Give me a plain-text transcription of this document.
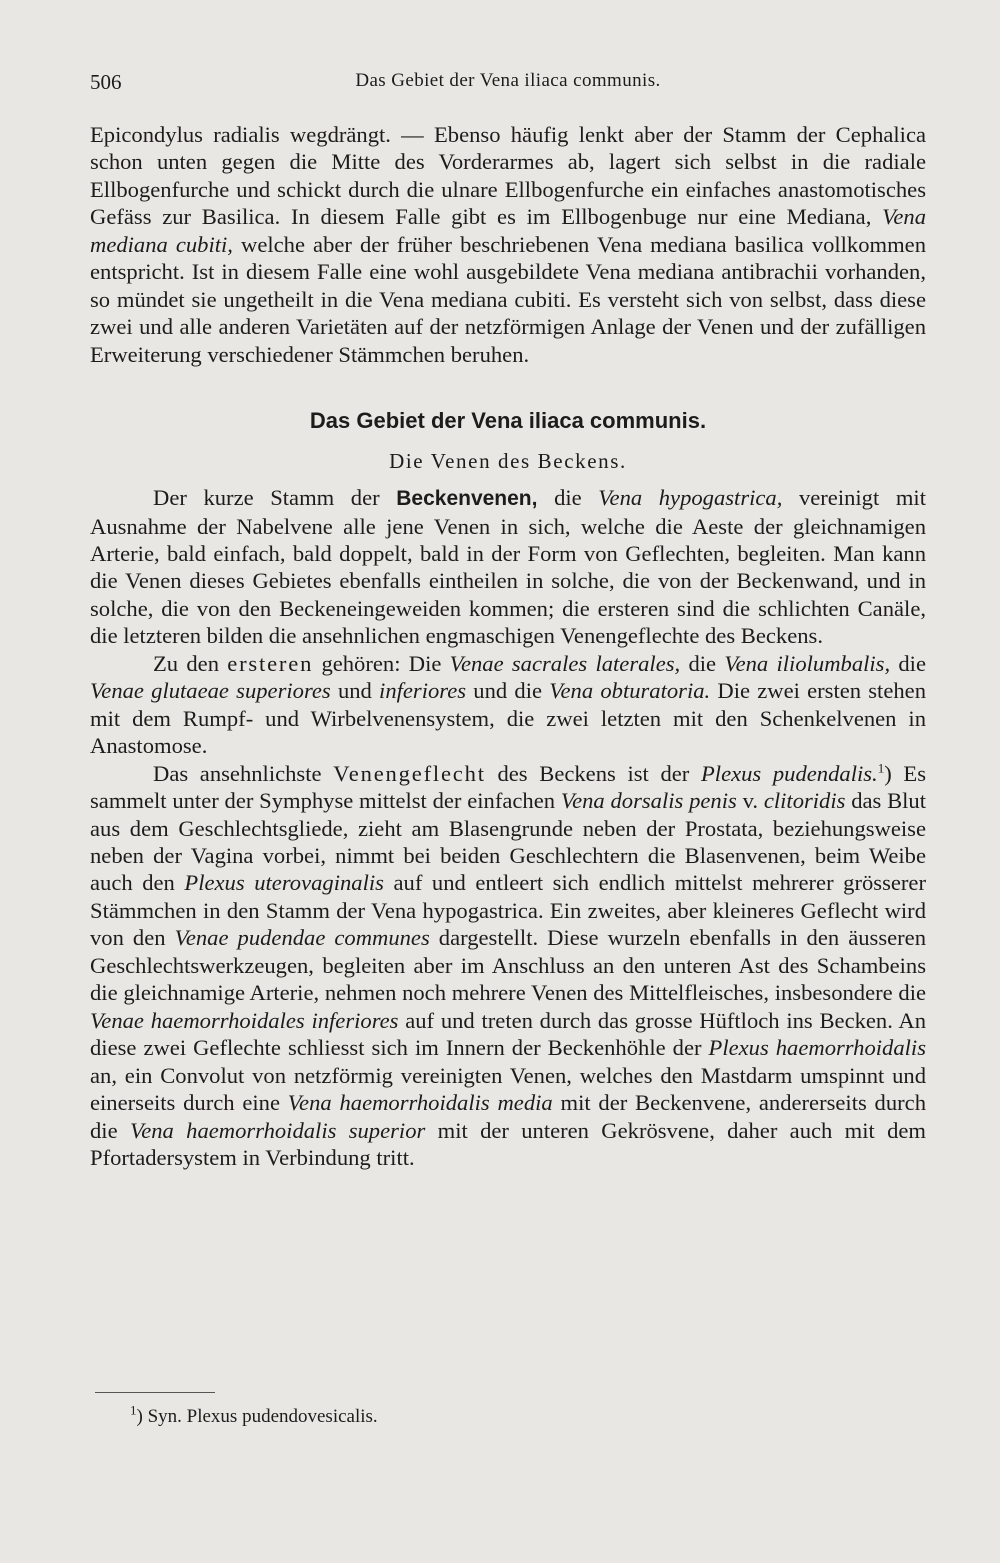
506	Das Gebiet der Vena iliaca communis.

Epicondylus radialis wegdrängt. — Ebenso häufig lenkt aber der Stamm der Cephalica schon unten gegen die Mitte des Vorderarmes ab, lagert sich selbst in die radiale Ellbogenfurche und schickt durch die ulnare Ellbogenfurche ein einfaches anastomotisches Gefäss zur Basilica. In diesem Falle gibt es im Ellbogenbuge nur eine Mediana, Vena mediana cubiti, welche aber der früher beschriebenen Vena mediana basilica vollkommen entspricht. Ist in diesem Falle eine wohl ausgebildete Vena mediana antibrachii vorhanden, so mündet sie ungetheilt in die Vena mediana cubiti. Es versteht sich von selbst, dass diese zwei und alle anderen Varietäten auf der netzförmigen Anlage der Venen und der zufälligen Erweiterung verschiedener Stämmchen beruhen.

Das Gebiet der Vena iliaca communis.
Die Venen des Beckens.

Der kurze Stamm der Beckenvenen, die Vena hypogastrica, vereinigt mit Ausnahme der Nabelvene alle jene Venen in sich, welche die Aeste der gleichnamigen Arterie, bald einfach, bald doppelt, bald in der Form von Geflechten, begleiten. Man kann die Venen dieses Gebietes ebenfalls eintheilen in solche, die von der Beckenwand, und in solche, die von den Beckeneingeweiden kommen; die ersteren sind die schlichten Canäle, die letzteren bilden die ansehnlichen engmaschigen Venengeflechte des Beckens.

Zu den ersteren gehören: Die Venae sacrales laterales, die Vena iliolumbalis, die Venae glutaeae superiores und inferiores und die Vena obturatoria. Die zwei ersten stehen mit dem Rumpf- und Wirbelvenensystem, die zwei letzten mit den Schenkelvenen in Anastomose.

Das ansehnlichste Venengeflecht des Beckens ist der Plexus pudendalis.$^1$) Es sammelt unter der Symphyse mittelst der einfachen Vena dorsalis penis v. clitoridis das Blut aus dem Geschlechtsgliede, zieht am Blasengrunde neben der Prostata, beziehungsweise neben der Vagina vorbei, nimmt bei beiden Geschlechtern die Blasenvenen, beim Weibe auch den Plexus uterovaginalis auf und entleert sich endlich mittelst mehrerer grösserer Stämmchen in den Stamm der Vena hypogastrica. Ein zweites, aber kleineres Geflecht wird von den Venae pudendae communes dargestellt. Diese wurzeln ebenfalls in den äusseren Geschlechtswerkzeugen, begleiten aber im Anschluss an den unteren Ast des Schambeins die gleichnamige Arterie, nehmen noch mehrere Venen des Mittelfleisches, insbesondere die Venae haemorrhoidales inferiores auf und treten durch das grosse Hüftloch ins Becken. An diese zwei Geflechte schliesst sich im Innern der Beckenhöhle der Plexus haemorrhoidalis an, ein Convolut von netzförmig vereinigten Venen, welches den Mastdarm umspinnt und einerseits durch eine Vena haemorrhoidalis media mit der Beckenvene, andererseits durch die Vena haemorrhoidalis superior mit der unteren Gekrösvene, daher auch mit dem Pfortadersystem in Verbindung tritt.

$^1$) Syn. Plexus pudendovesicalis.
